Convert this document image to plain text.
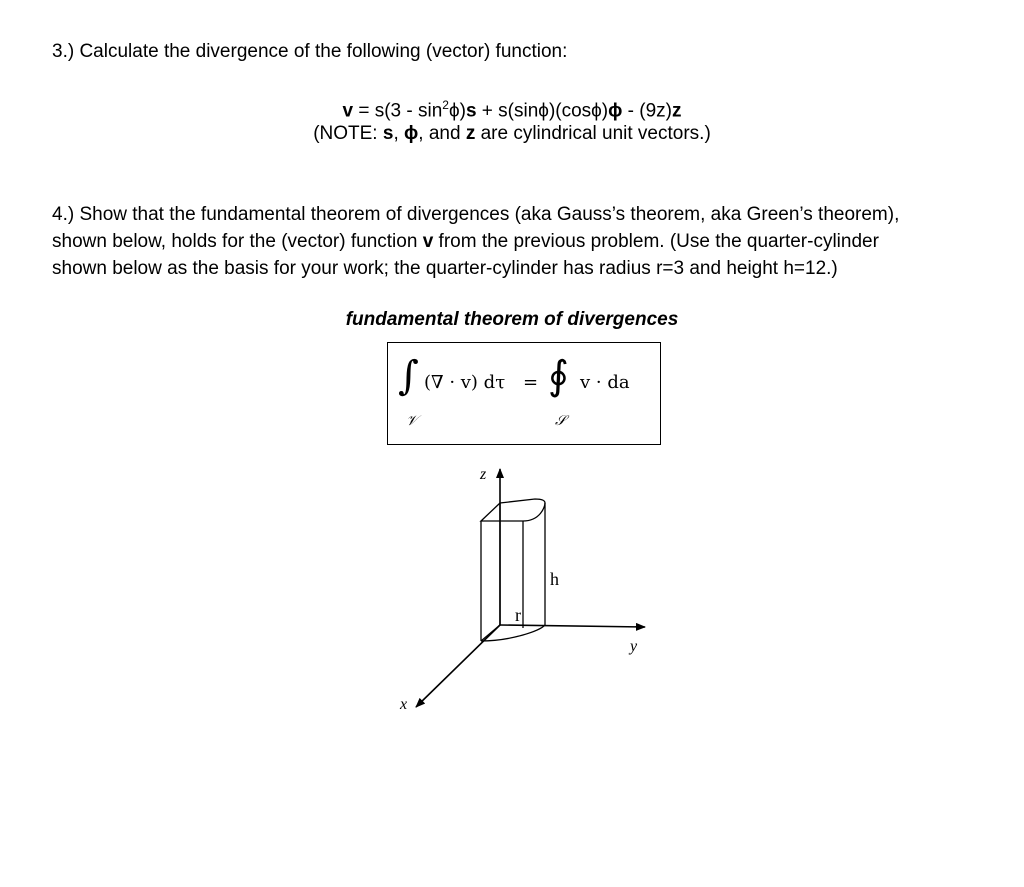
3.) Calculate the divergence of the following (vector) function:
$v = s(3 - \sin^2\phi)s + s(\sin\phi)(\cos\phi)\phi - (9z)z$
(NOTE: s, ϕ, and z are cylindrical unit vectors.)
4.) Show that the fundamental theorem of divergences (aka Gauss’s theorem, aka Green’s theorem),
shown below, holds for the (vector) function v from the previous problem. (Use the quarter-cylinder
shown below as the basis for your work; the quarter-cylinder has radius r=3 and height h=12.)
fundamental theorem of divergences
∫ (∇ · v) dτ = ∮ v · da
𝒱	𝒮
z
y
x
h
r
